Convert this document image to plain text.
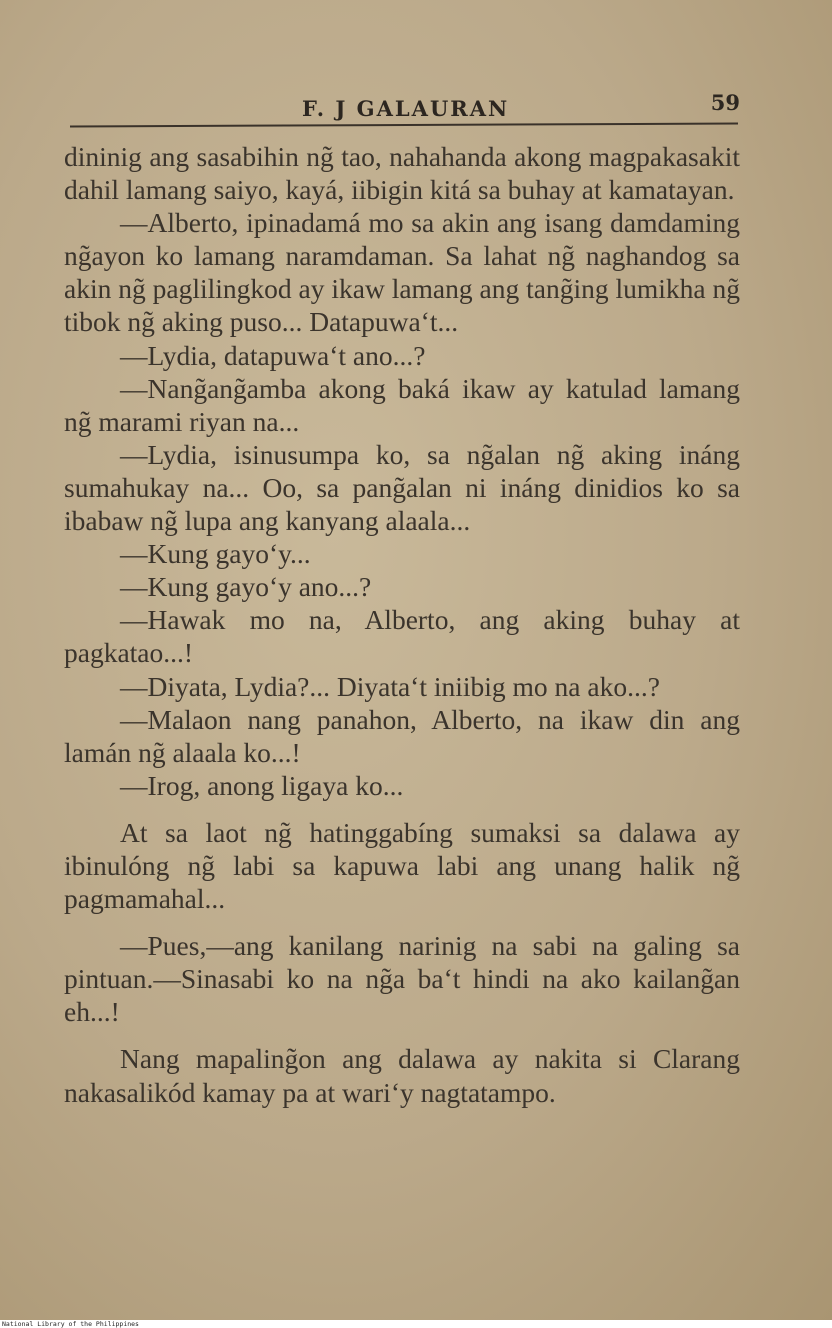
F. J GALAURAN	59

dininig ang sasabihin ng̃ tao, nahahanda akong magpakasakit dahil lamang saiyo, kayá, iibigin kitá sa buhay at kamatayan.

—Alberto, ipinadamá mo sa akin ang isang damdaming ng̃ayon ko lamang naramdaman. Sa lahat ng̃ naghandog sa akin ng̃ paglilingkod ay ikaw lamang ang tang̃ing lumikha ng̃ tibok ng̃ aking puso... Datapuwa‘t...

—Lydia, datapuwa‘t ano...?

—Nang̃ang̃amba akong baká ikaw ay katulad lamang ng̃ marami riyan na...

—Lydia, isinusumpa ko, sa ng̃alan ng̃ aking ináng sumahukay na... Oo, sa pang̃alan ni ináng dinidios ko sa ibabaw ng̃ lupa ang kanyang alaala...

—Kung gayo‘y...

—Kung gayo‘y ano...?

—Hawak mo na, Alberto, ang aking buhay at pagkatao...!

—Diyata, Lydia?... Diyata‘t iniibig mo na ako...?

—Malaon nang panahon, Alberto, na ikaw din ang lamán ng̃ alaala ko...!

—Irog, anong ligaya ko...

At sa laot ng̃ hatinggabíng sumaksi sa dalawa ay ibinulóng ng̃ labi sa kapuwa labi ang unang halik ng̃ pagmamahal...

—Pues,—ang kanilang narinig na sabi na galing sa pintuan.—Sinasabi ko na ng̃a ba‘t hindi na ako kailang̃an eh...!

Nang mapaling̃on ang dalawa ay nakita si Clarang nakasalikód kamay pa at wari‘y nagtatampo.

National Library of the Philippines
